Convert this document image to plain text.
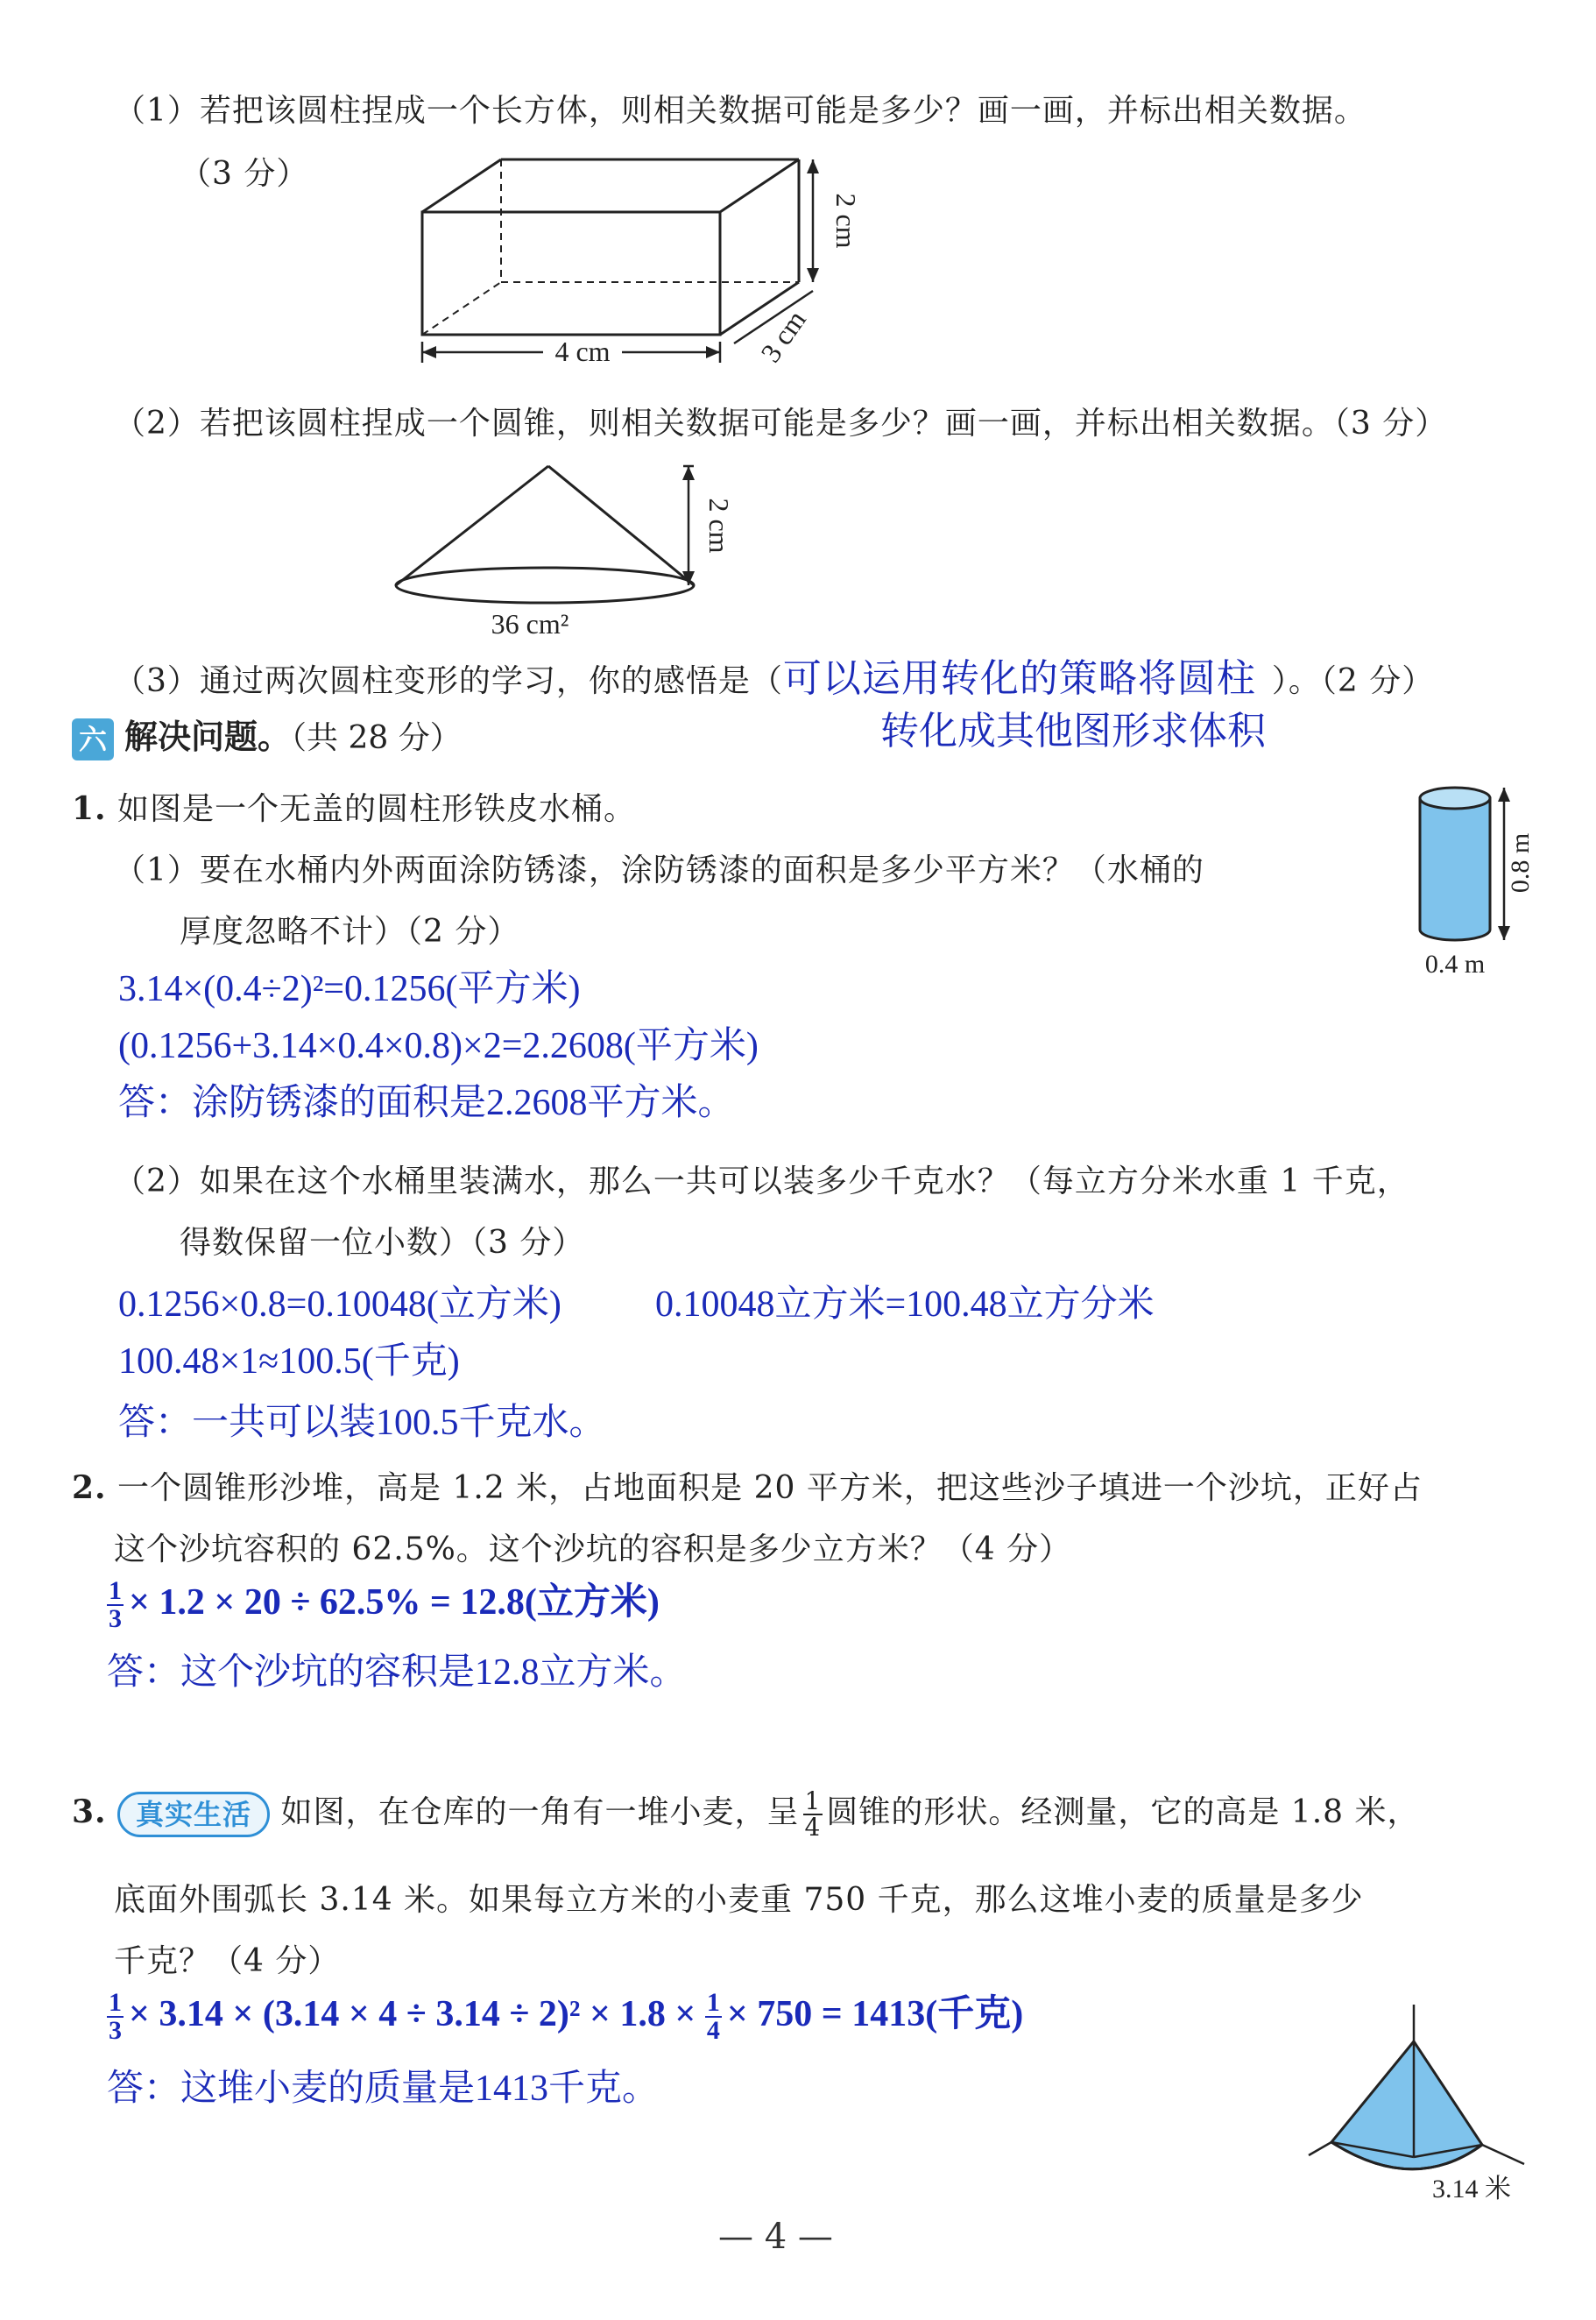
（1）若把该圆柱捏成一个长方体，则相关数据可能是多少？画一画，并标出相关数据。
（3 分）
4 cm
2 cm
3 cm
（2）若把该圆柱捏成一个圆锥，则相关数据可能是多少？画一画，并标出相关数据。（3 分）
2 cm
36 cm²
（3）通过两次圆柱变形的学习，你的感悟是（可以运用转化的策略将圆柱 ）。（2 分）
六 解决问题。（共 28 分）	转化成其他图形求体积
1. 如图是一个无盖的圆柱形铁皮水桶。
0.8 m
0.4 m
（1）要在水桶内外两面涂防锈漆，涂防锈漆的面积是多少平方米？（水桶的
厚度忽略不计）（2 分）
3.14×(0.4÷2)²=0.1256(平方米)
(0.1256+3.14×0.4×0.8)×2=2.2608(平方米)
答：涂防锈漆的面积是2.2608平方米。
（2）如果在这个水桶里装满水，那么一共可以装多少千克水？（每立方分米水重 1 千克，
得数保留一位小数）（3 分）
0.1256×0.8=0.10048(立方米)	0.10048立方米=100.48立方分米
100.48×1≈100.5(千克)
答：一共可以装100.5千克水。
2. 一个圆锥形沙堆，高是 1.2 米，占地面积是 20 平方米，把这些沙子填进一个沙坑，正好占
这个沙坑容积的 62.5%。这个沙坑的容积是多少立方米？（4 分）
$\frac{1}{3} \times 1.2 \times 20 \div 62.5\% = 12.8$(立方米)
答：这个沙坑的容积是12.8立方米。
3. 真实生活 如图，在仓库的一角有一堆小麦，呈 $\frac{1}{4}$ 圆锥的形状。经测量，它的高是 1.8 米，
底面外围弧长 3.14 米。如果每立方米的小麦重 750 千克，那么这堆小麦的质量是多少
千克？（4 分）
$\frac{1}{3} \times 3.14 \times (3.14 \times 4 \div 3.14 \div 2)^2 \times 1.8 \times \frac{1}{4} \times 750 = 1413$(千克)
答：这堆小麦的质量是1413千克。
3.14 米
— 4 —
